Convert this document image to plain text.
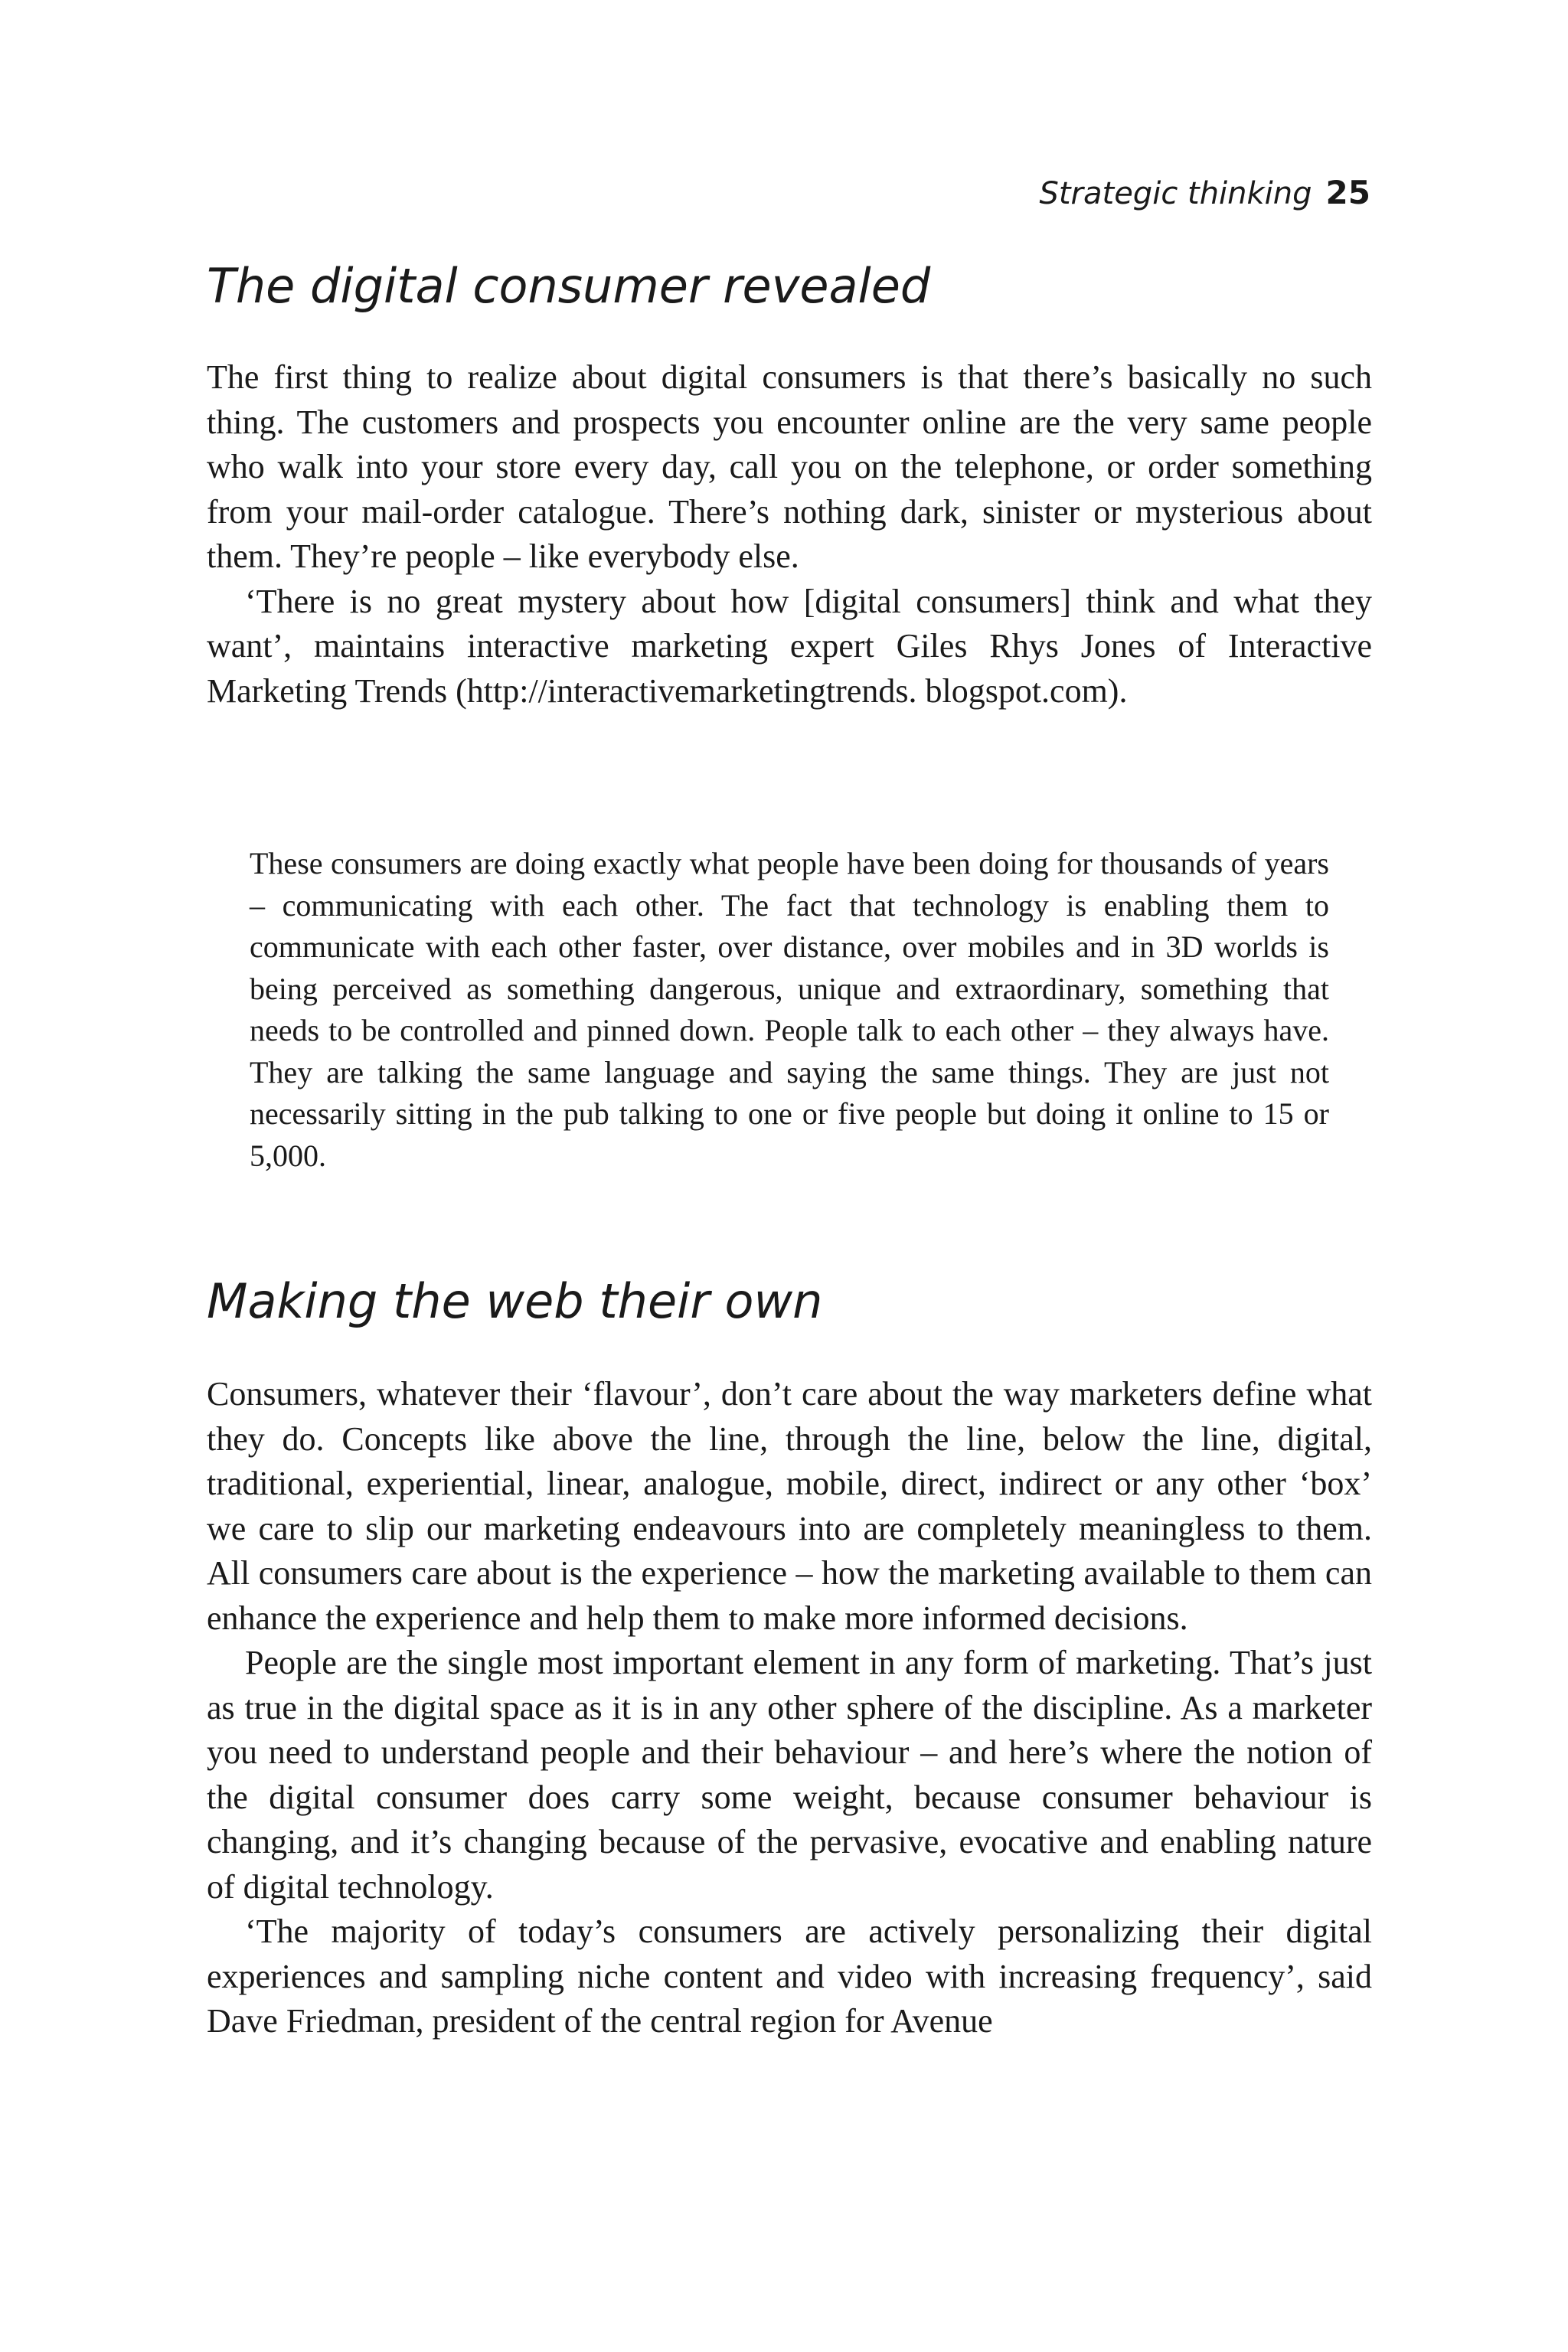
Strategic thinking 25
The digital consumer revealed

The first thing to realize about digital consumers is that there’s basically no such thing. The customers and prospects you encounter online are the very same people who walk into your store every day, call you on the telephone, or order something from your mail-order catalogue. There’s nothing dark, sinister or mysterious about them. They’re people – like everybody else.

‘There is no great mystery about how [digital consumers] think and what they want’, maintains interactive marketing expert Giles Rhys Jones of Interactive Marketing Trends (http://interactivemarketingtrends. blogspot.com).

These consumers are doing exactly what people have been doing for thousands of years – communicating with each other. The fact that technology is enabling them to communicate with each other faster, over distance, over mobiles and in 3D worlds is being perceived as something dangerous, unique and extraordinary, something that needs to be controlled and pinned down. People talk to each other – they always have. They are talking the same language and saying the same things. They are just not necessarily sitting in the pub talking to one or five people but doing it online to 15 or 5,000.
Making the web their own

Consumers, whatever their ‘flavour’, don’t care about the way marketers define what they do. Concepts like above the line, through the line, below the line, digital, traditional, experiential, linear, analogue, mobile, direct, indirect or any other ‘box’ we care to slip our marketing endeavours into are completely meaningless to them. All consumers care about is the experience – how the marketing available to them can enhance the experience and help them to make more informed decisions.

People are the single most important element in any form of marketing. That’s just as true in the digital space as it is in any other sphere of the discipline. As a marketer you need to understand people and their behaviour – and here’s where the notion of the digital consumer does carry some weight, because consumer behaviour is changing, and it’s changing because of the pervasive, evocative and enabling nature of digital technology.

‘The majority of today’s consumers are actively personalizing their digital experiences and sampling niche content and video with increasing frequency’, said Dave Friedman, president of the central region for Avenue
